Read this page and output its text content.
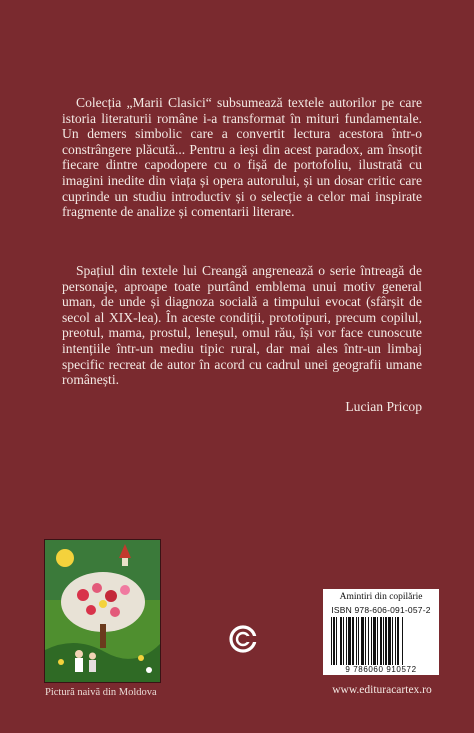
Colecția „Marii Clasici“ subsumează textele autorilor pe care istoria literaturii române i-a transformat în mituri fundamentale. Un demers simbolic care a convertit lectura acestora într-o constrângere plăcută... Pentru a ieși din acest paradox, am însoțit fiecare dintre capodopere cu o fișă de portofoliu, ilustrată cu imagini inedite din viața și opera autorului, și un dosar critic care cuprinde un studiu introductiv și o selecție a celor mai inspirate fragmente de analize și comentarii literare.

Spațiul din textele lui Creangă angrenează o serie întreagă de personaje, aproape toate purtând emblema unui motiv general uman, de unde și diagnoza socială a timpului evocat (sfârșit de secol al XIX-lea). În aceste condiții, prototipuri, precum copilul, preotul, mama, prostul, leneșul, omul rău, își vor face cunoscute intențiile într-un mediu tipic rural, dar mai ales într-un limbaj specific recreat de autor în acord cu cadrul unei geografii umane românești.

Lucian Pricop

Pictură naivă din Moldova
Amintiri din copilărie
ISBN 978-606-091-057-2
9 786060 910572
www.edituracartex.ro
